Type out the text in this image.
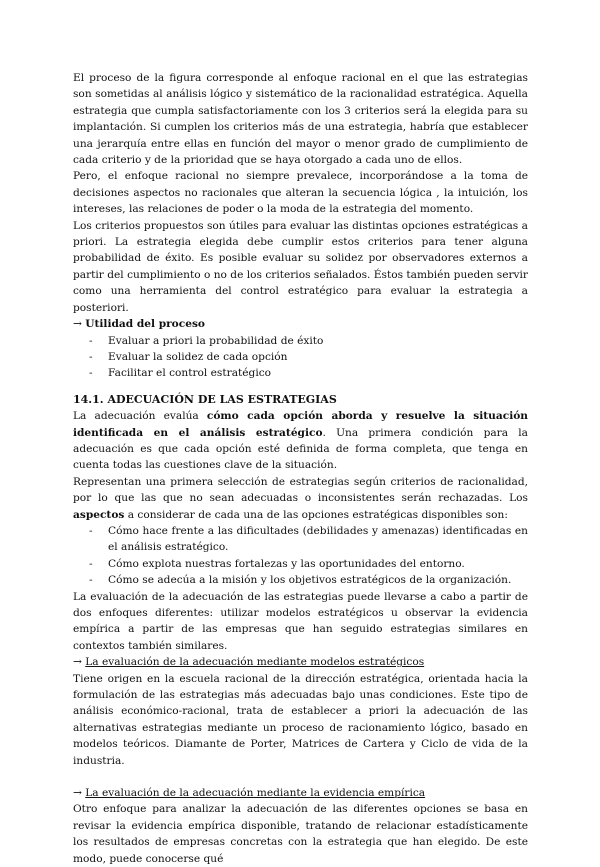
El proceso de la figura corresponde al enfoque racional en el que las estrategias son sometidas al análisis lógico y sistemático de la racionalidad estratégica. Aquella estrategia que cumpla satisfactoriamente con los 3 criterios será la elegida para su implantación. Si cumplen los criterios más de una estrategia, habría que establecer una jerarquía entre ellas en función del mayor o menor grado de cumplimiento de cada criterio y de la prioridad que se haya otorgado a cada uno de ellos.

Pero, el enfoque racional no siempre prevalece, incorporándose a la toma de decisiones aspectos no racionales que alteran la secuencia lógica , la intuición, los intereses, las relaciones de poder o la moda de la estrategia del momento.

Los criterios propuestos son útiles para evaluar las distintas opciones estratégicas a priori. La estrategia elegida debe cumplir estos criterios para tener alguna probabilidad de éxito. Es posible evaluar su solidez por observadores externos a partir del cumplimiento o no de los criterios señalados. Éstos también pueden servir como una herramienta del control estratégico para evaluar la estrategia a posteriori.

→ Utilidad del proceso

- Evaluar a priori la probabilidad de éxito
- Evaluar la solidez de cada opción
- Facilitar el control estratégico

14.1. ADECUACIÓN DE LAS ESTRATEGIAS

La adecuación evalúa cómo cada opción aborda y resuelve la situación identificada en el análisis estratégico. Una primera condición para la adecuación es que cada opción esté definida de forma completa, que tenga en cuenta todas las cuestiones clave de la situación.

Representan una primera selección de estrategias según criterios de racionalidad, por lo que las que no sean adecuadas o inconsistentes serán rechazadas. Los aspectos a considerar de cada una de las opciones estratégicas disponibles son:

- Cómo hace frente a las dificultades (debilidades y amenazas) identificadas en el análisis estratégico.
- Cómo explota nuestras fortalezas y las oportunidades del entorno.
- Cómo se adecúa a la misión y los objetivos estratégicos de la organización.

La evaluación de la adecuación de las estrategias puede llevarse a cabo a partir de dos enfoques diferentes: utilizar modelos estratégicos u observar la evidencia empírica a partir de las empresas que han seguido estrategias similares en contextos también similares.

→ La evaluación de la adecuación mediante modelos estratégicos

Tiene origen en la escuela racional de la dirección estratégica, orientada hacia la formulación de las estrategias más adecuadas bajo unas condiciones. Este tipo de análisis económico-racional, trata de establecer a priori la adecuación de las alternativas estrategias mediante un proceso de racionamiento lógico, basado en modelos teóricos. Diamante de Porter, Matrices de Cartera y Ciclo de vida de la industria.

→ La evaluación de la adecuación mediante la evidencia empírica

Otro enfoque para analizar la adecuación de las diferentes opciones se basa en revisar la evidencia empírica disponible, tratando de relacionar estadísticamente los resultados de empresas concretas con la estrategia que han elegido. De este modo, puede conocerse qué
